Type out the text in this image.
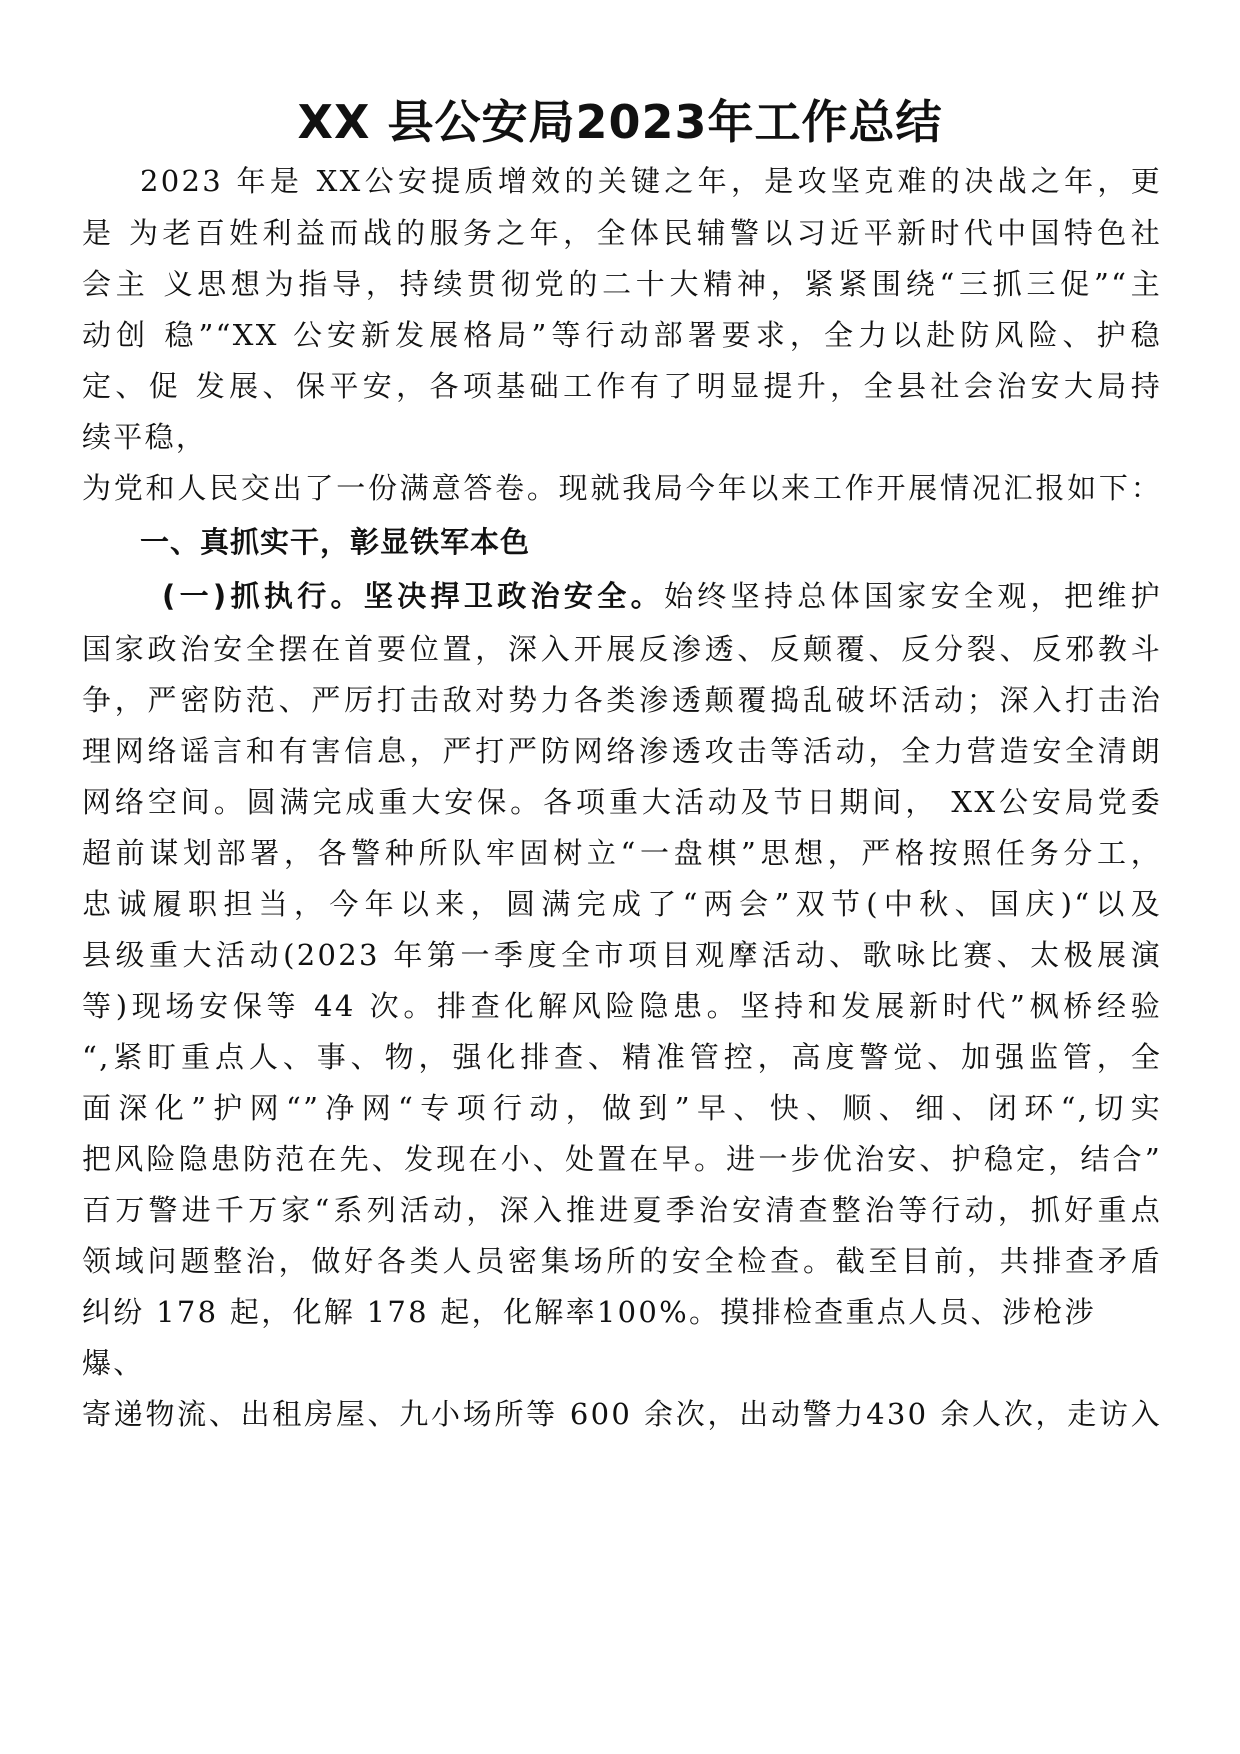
XX 县公安局2023年工作总结
2023 年是 XX公安提质增效的关键之年，是攻坚克难的决战之年，更
是 为老百姓利益而战的服务之年，全体民辅警以习近平新时代中国特色社
会主 义思想为指导，持续贯彻党的二十大精神，紧紧围绕“三抓三促”“主
动创 稳”“XX 公安新发展格局”等行动部署要求，全力以赴防风险、护稳
定、促 发展、保平安，各项基础工作有了明显提升，全县社会治安大局持
续平稳，
为党和人民交出了一份满意答卷。现就我局今年以来工作开展情况汇报如下：
一、真抓实干，彰显铁军本色
(一)抓执行。坚决捍卫政治安全。始终坚持总体国家安全观，把维护
国家政治安全摆在首要位置，深入开展反渗透、反颠覆、反分裂、反邪教斗
争，严密防范、严厉打击敌对势力各类渗透颠覆捣乱破坏活动；深入打击治
理网络谣言和有害信息，严打严防网络渗透攻击等活动，全力营造安全清朗
网络空间。圆满完成重大安保。各项重大活动及节日期间， XX公安局党委
超前谋划部署，各警种所队牢固树立“一盘棋”思想，严格按照任务分工，
忠诚履职担当，今年以来，圆满完成了“两会”双节(中秋、国庆)“以及
县级重大活动(2023 年第一季度全市项目观摩活动、歌咏比赛、太极展演
等)现场安保等 44 次。排查化解风险隐患。坚持和发展新时代”枫桥经验
“,紧盯重点人、事、物，强化排查、精准管控，高度警觉、加强监管，全
面深化”护网“”净网“专项行动，做到”早、快、顺、细、闭环“,切实
把风险隐患防范在先、发现在小、处置在早。进一步优治安、护稳定，结合”
百万警进千万家“系列活动，深入推进夏季治安清查整治等行动，抓好重点
领域问题整治，做好各类人员密集场所的安全检查。截至目前，共排查矛盾
纠纷 178 起，化解 178 起，化解率100%。摸排检查重点人员、涉枪涉
爆、
寄递物流、出租房屋、九小场所等 600 余次，出动警力430 余人次，走访入
